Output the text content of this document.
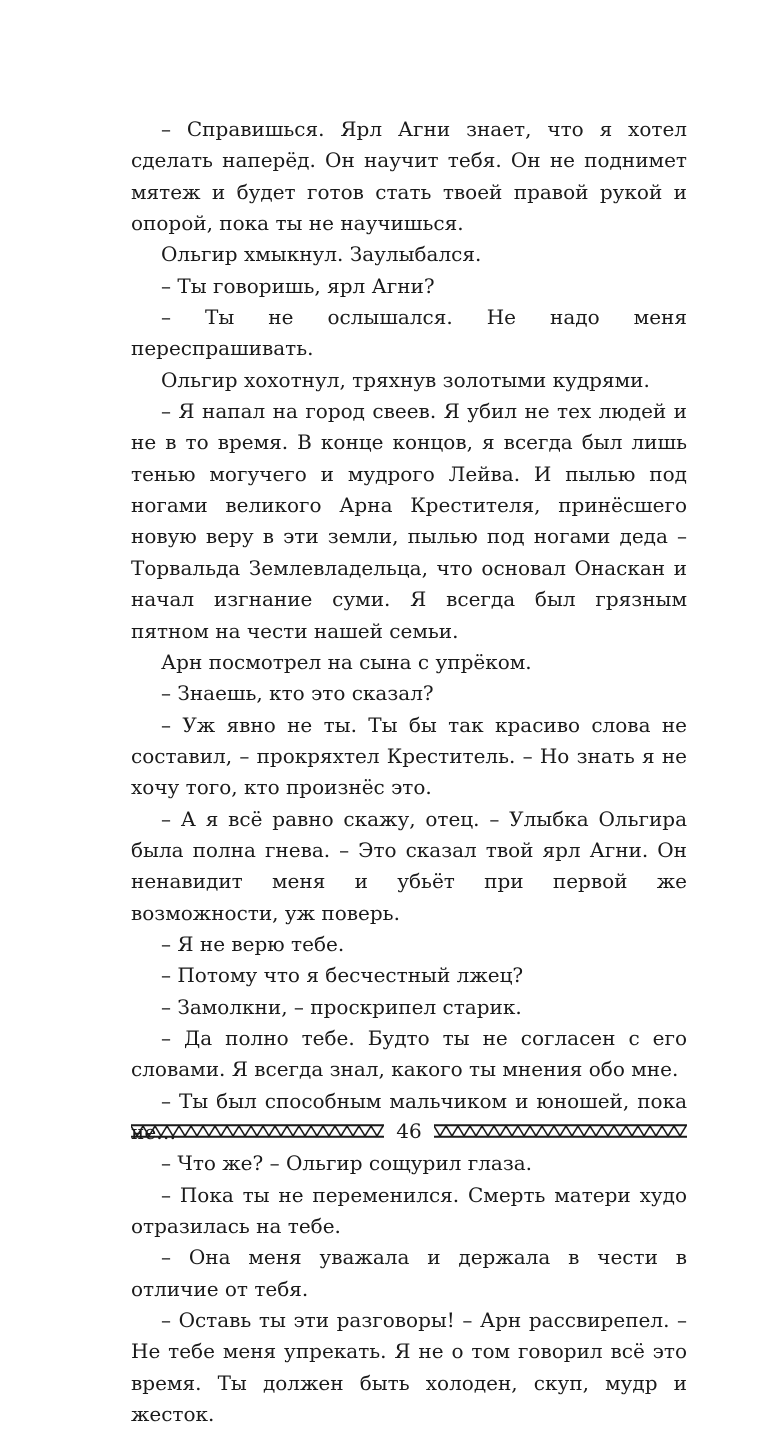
– Справишься. Ярл Агни знает, что я хотел сделать наперёд. Он научит тебя. Он не поднимет мятеж и будет готов стать твоей правой рукой и опорой, пока ты не научишься.

Ольгир хмыкнул. Заулыбался.

– Ты говоришь, ярл Агни?

– Ты не ослышался. Не надо меня переспрашивать.

Ольгир хохотнул, тряхнув золотыми кудрями.

– Я напал на город свеев. Я убил не тех людей и не в то время. В конце концов, я всегда был лишь тенью могучего и мудрого Лейва. И пылью под ногами великого Арна Крестителя, принёсшего новую веру в эти земли, пылью под ногами деда – Торвальда Землевладельца, что основал Онаскан и начал изгнание суми. Я всегда был грязным пятном на чести нашей семьи.

Арн посмотрел на сына с упрёком.

– Знаешь, кто это сказал?

– Уж явно не ты. Ты бы так красиво слова не составил, – прокряхтел Креститель. – Но знать я не хочу того, кто произнёс это.

– А я всё равно скажу, отец. – Улыбка Ольгира была полна гнева. – Это сказал твой ярл Агни. Он ненавидит меня и убьёт при первой же возможности, уж поверь.

– Я не верю тебе.

– Потому что я бесчестный лжец?

– Замолкни, – проскрипел старик.

– Да полно тебе. Будто ты не согласен с его словами. Я всегда знал, какого ты мнения обо мне.

– Ты был способным мальчиком и юношей, пока не…

– Что же? – Ольгир сощурил глаза.

– Пока ты не переменился. Смерть матери худо отразилась на тебе.

– Она меня уважала и держала в чести в отличие от тебя.

– Оставь ты эти разговоры! – Арн рассвирепел. – Не тебе меня упрекать. Я не о том говорил всё это время. Ты должен быть холоден, скуп, мудр и жесток.

46
